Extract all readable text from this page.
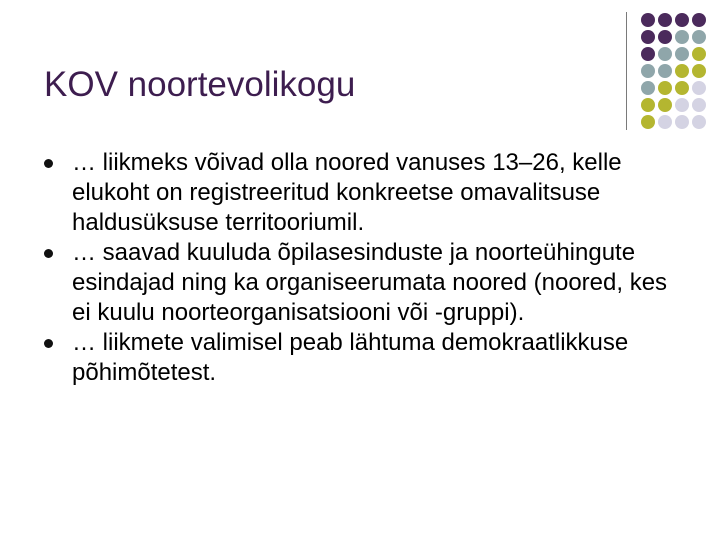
KOV noortevolikogu
… liikmeks võivad olla noored vanuses 13–26, kelle elukoht on registreeritud konkreetse omavalitsuse haldusüksuse territooriumil.
… saavad kuuluda õpilasesinduste ja noorteühingute esindajad ning ka organiseerumata noored (noored, kes ei kuulu noorteorganisatsiooni või -gruppi).
… liikmete valimisel peab lähtuma demokraatlikkuse põhimõtetest.
